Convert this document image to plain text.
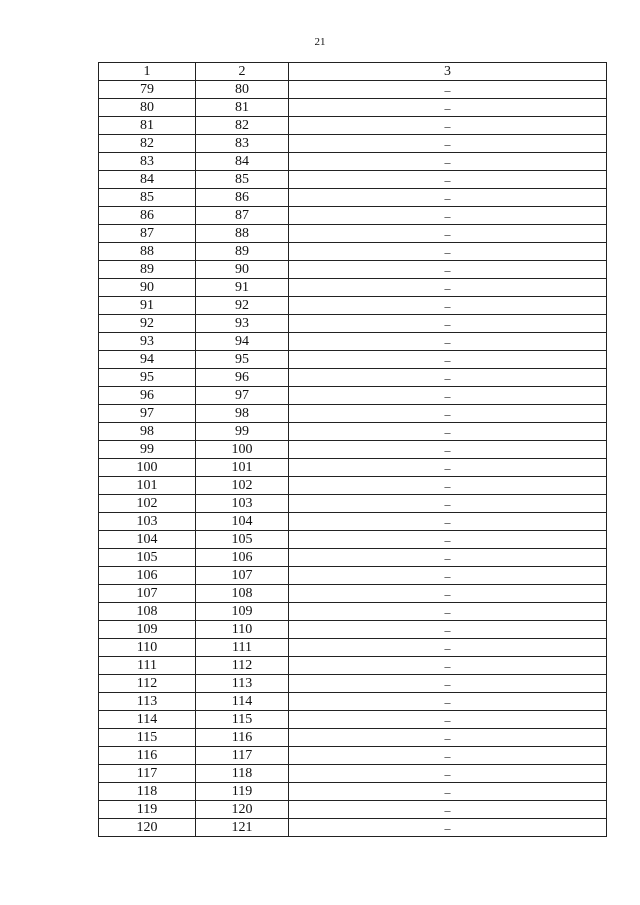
21
1	2	3
79	80	–
80	81	–
81	82	–
82	83	–
83	84	–
84	85	–
85	86	–
86	87	–
87	88	–
88	89	–
89	90	–
90	91	–
91	92	–
92	93	–
93	94	–
94	95	–
95	96	–
96	97	–
97	98	–
98	99	–
99	100	–
100	101	–
101	102	–
102	103	–
103	104	–
104	105	–
105	106	–
106	107	–
107	108	–
108	109	–
109	110	–
110	111	–
111	112	–
112	113	–
113	114	–
114	115	–
115	116	–
116	117	–
117	118	–
118	119	–
119	120	–
120	121	–
